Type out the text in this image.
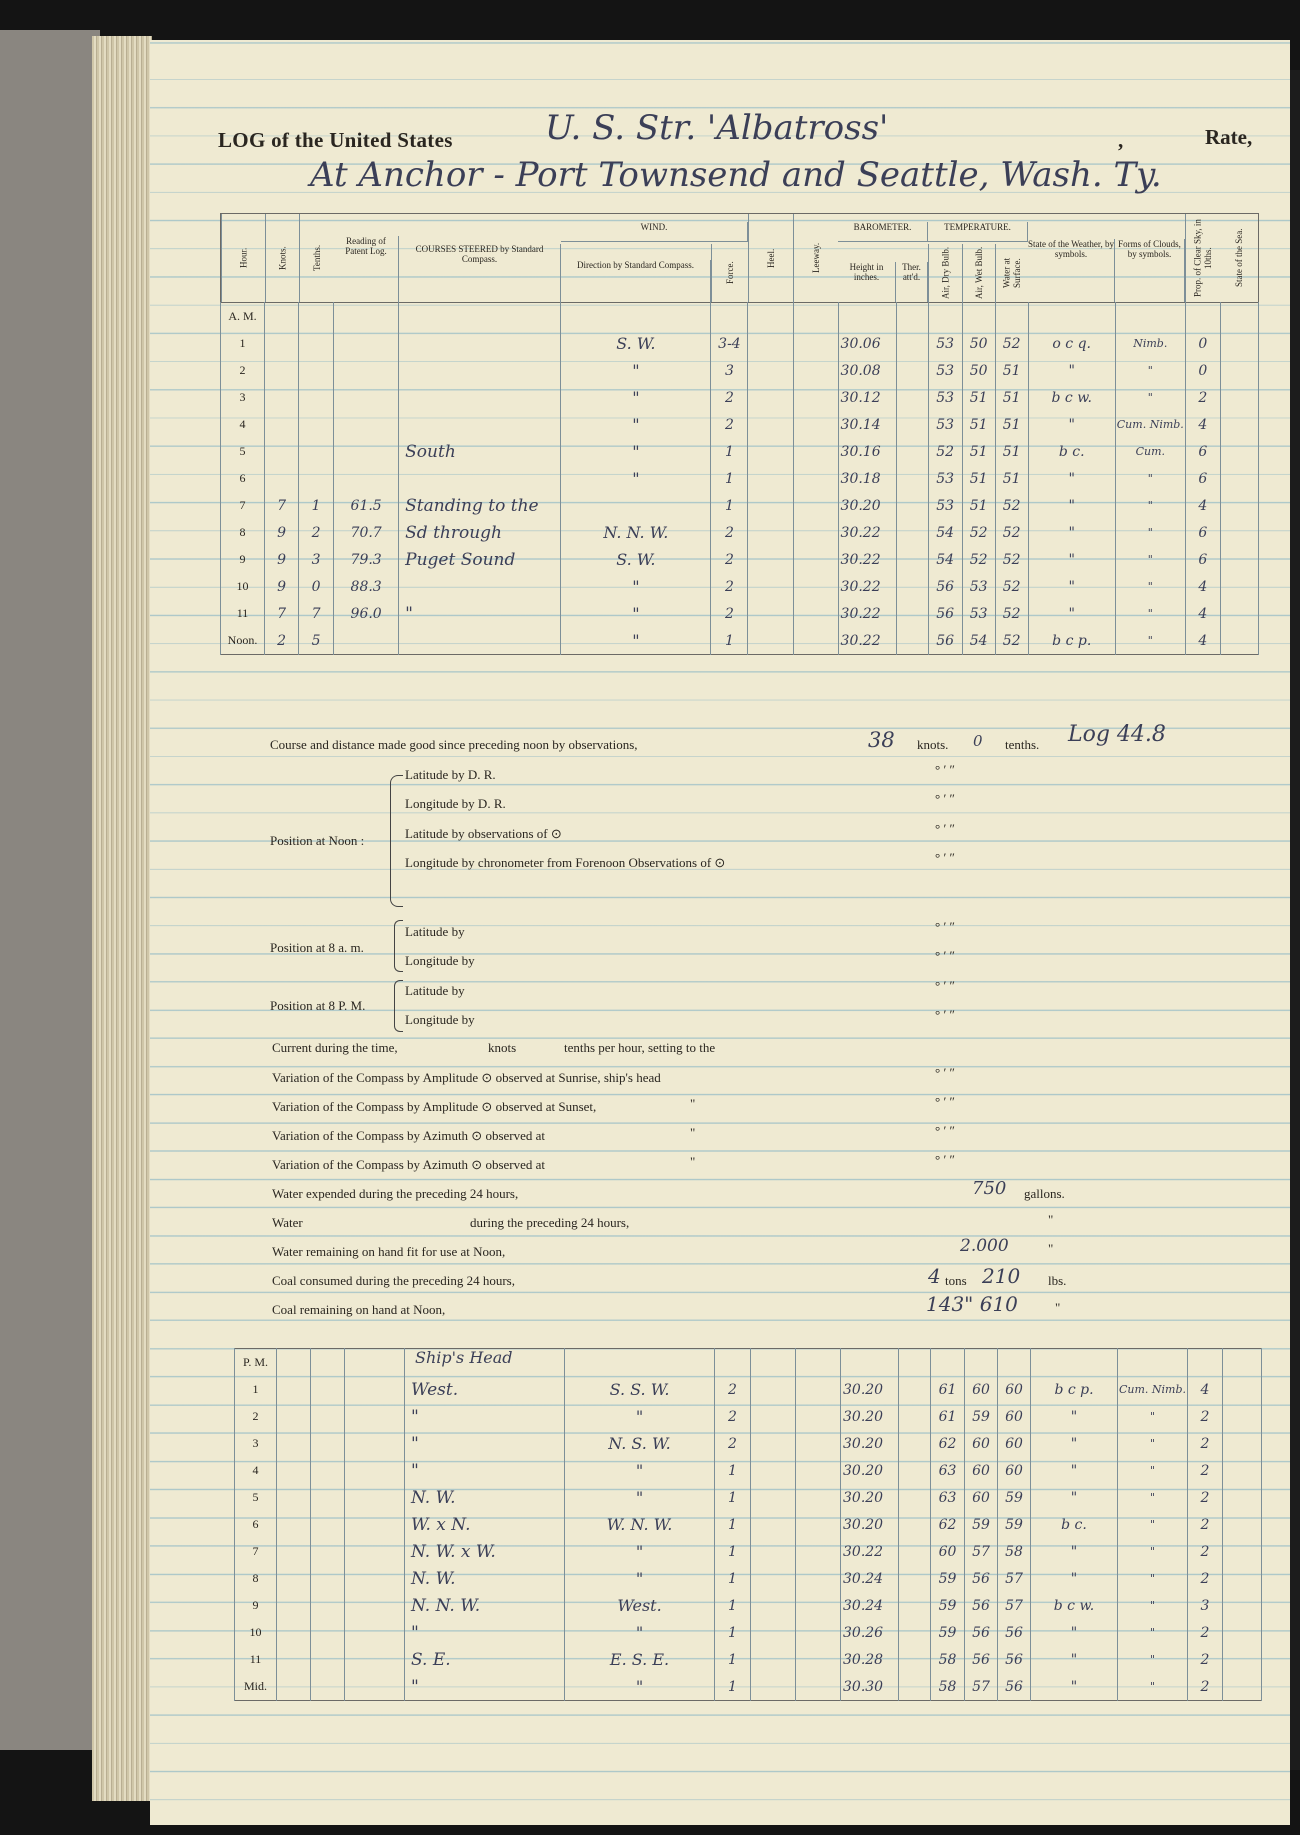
LOG of the United States	U. S. Str. 'Albatross'	,	Rate,
At Anchor - Port Townsend and Seattle, Wash. Ty.
Hour.	Knots.	Tenths.
Reading of Patent Log.	COURSES STEERED by Standard Compass.
WIND.
Direction by Standard Compass.	Force.
Heel.	Leeway.
BAROMETER.
Height in inches.
Ther. att'd.
TEMPERATURE.
Air, Dry Bulb.	Air, Wet Bulb.	Water at Surface.
State of the Weather, by symbols.
Forms of Clouds, by symbols.	Prop. of Clear Sky, in 10ths.	State of the Sea.
A. M.																	
1					S. W.	3-4			30.06		53	50	52	o c q.	Nimb.	0	
2					"	3			30.08		53	50	51	"	"	0	
3					"	2			30.12		53	51	51	b c w.	"	2	
4					"	2			30.14		53	51	51	"	Cum. Nimb.	4	
5				South	"	1			30.16		52	51	51	b c.	Cum.	6	
6					"	1			30.18		53	51	51	"	"	6	
7	7	1	61.5	Standing to the		1			30.20		53	51	52	"	"	4	
8	9	2	70.7	Sd through	N. N. W.	2			30.22		54	52	52	"	"	6	
9	9	3	79.3	Puget Sound	S. W.	2			30.22		54	52	52	"	"	6	
10	9	0	88.3		"	2			30.22		56	53	52	"	"	4	
11	7	7	96.0	"	"	2			30.22		56	53	52	"	"	4	
Noon.	2	5			"	1			30.22		56	54	52	b c p.	"	4	
Course and distance made good since preceding noon by observations,	38 knots. 0 tenths. Log 44.8
Position at Noon :
Latitude by D. R.
Longitude by D. R.
Latitude by observations of ⊙
Longitude by chronometer from Forenoon Observations of ⊙
° ′ ″
° ′ ″
° ′ ″
° ′ ″
Position at 8 a. m.
Latitude by
Longitude by
° ′ ″
° ′ ″
Position at 8 P. M.
Latitude by
Longitude by
° ′ ″
° ′ ″
Current during the time,	knots	tenths per hour, setting to the
Variation of the Compass by Amplitude ⊙ observed at Sunrise, ship's head	° ′ ″
Variation of the Compass by Amplitude ⊙ observed at Sunset,	"	° ′ ″
Variation of the Compass by Azimuth ⊙ observed at	"	° ′ ″
Variation of the Compass by Azimuth ⊙ observed at	"	° ′ ″
Water expended during the preceding 24 hours,	750 gallons.
Water	during the preceding 24 hours,	"
Water remaining on hand fit for use at Noon,	2.000	"
Coal consumed during the preceding 24 hours,	4 tons 210 lbs.
Coal remaining on hand at Noon,	143" 610	"
Ship's Head
P. M.																	
1				West.	S. S. W.	2			30.20		61	60	60	b c p.	Cum. Nimb.	4	
2				"	"	2			30.20		61	59	60	"	"	2	
3				"	N. S. W.	2			30.20		62	60	60	"	"	2	
4				"	"	1			30.20		63	60	60	"	"	2	
5				N. W.	"	1			30.20		63	60	59	"	"	2	
6				W. x N.	W. N. W.	1			30.20		62	59	59	b c.	"	2	
7				N. W. x W.	"	1			30.22		60	57	58	"	"	2	
8				N. W.	"	1			30.24		59	56	57	"	"	2	
9				N. N. W.	West.	1			30.24		59	56	57	b c w.	"	3	
10				"	"	1			30.26		59	56	56	"	"	2	
11				S. E.	E. S. E.	1			30.28		58	56	56	"	"	2	
Mid.				"	"	1			30.30		58	57	56	"	"	2	
